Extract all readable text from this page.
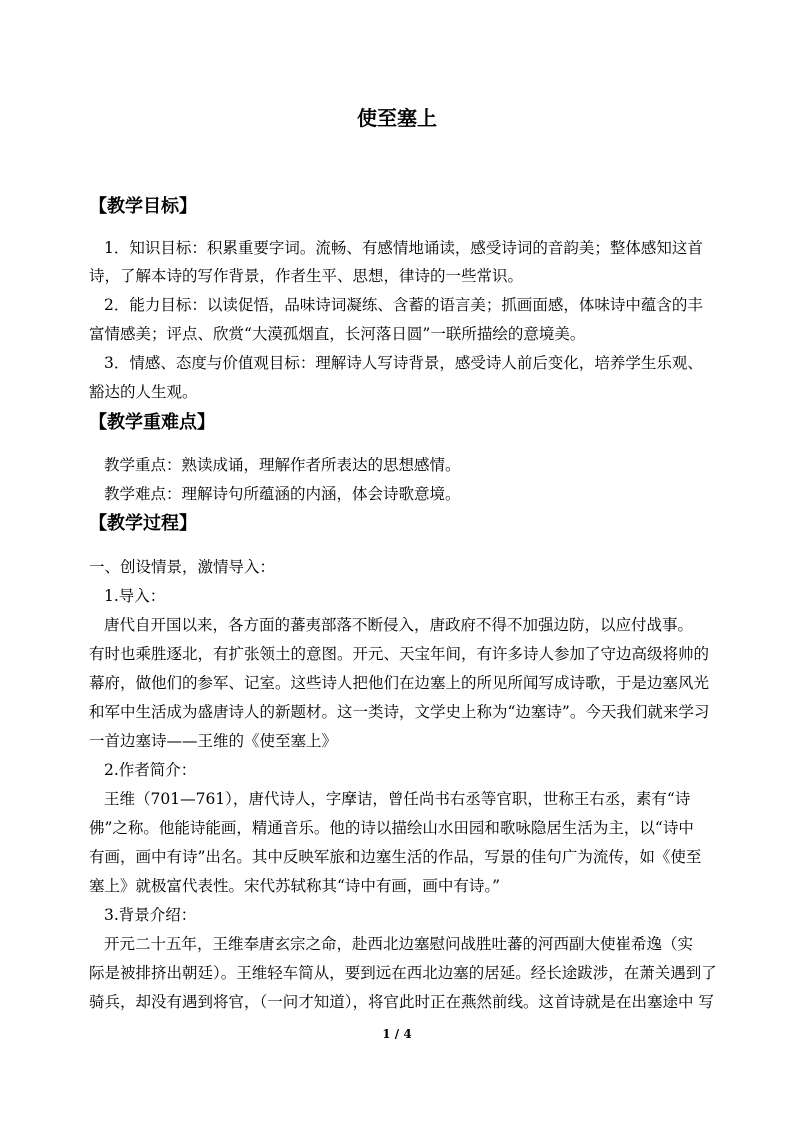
使至塞上
【教学目标】
1．知识目标：积累重要字词。流畅、有感情地诵读，感受诗词的音韵美；整体感知这首
诗，了解本诗的写作背景，作者生平、思想，律诗的一些常识。
2．能力目标：以读促悟，品味诗词凝练、含蓄的语言美；抓画面感，体味诗中蕴含的丰
富情感美；评点、欣赏“大漠孤烟直，长河落日圆”一联所描绘的意境美。
3．情感、态度与价值观目标：理解诗人写诗背景，感受诗人前后变化，培养学生乐观、
豁达的人生观。
【教学重难点】
教学重点：熟读成诵，理解作者所表达的思想感情。
教学难点：理解诗句所蕴涵的内涵，体会诗歌意境。
【教学过程】
一、创设情景，激情导入：
1.导入：
唐代自开国以来，各方面的蕃夷部落不断侵入，唐政府不得不加强边防，以应付战事。
有时也乘胜逐北，有扩张领土的意图。开元、天宝年间，有许多诗人参加了守边高级将帅的
幕府，做他们的参军、记室。这些诗人把他们在边塞上的所见所闻写成诗歌，于是边塞风光
和军中生活成为盛唐诗人的新题材。这一类诗，文学史上称为“边塞诗”。今天我们就来学习
一首边塞诗——王维的《使至塞上》
2.作者简介：
王维（701—761），唐代诗人，字摩诘，曾任尚书右丞等官职，世称王右丞，素有“诗
佛”之称。他能诗能画，精通音乐。他的诗以描绘山水田园和歌咏隐居生活为主，以“诗中
有画，画中有诗”出名。其中反映军旅和边塞生活的作品，写景的佳句广为流传，如《使至
塞上》就极富代表性。宋代苏轼称其“诗中有画，画中有诗。”
3.背景介绍：
开元二十五年，王维奉唐玄宗之命，赴西北边塞慰问战胜吐蕃的河西副大使崔希逸（实
际是被排挤出朝廷）。王维轻车简从，要到远在西北边塞的居延。经长途跋涉，在萧关遇到了
骑兵，却没有遇到将官，（一问才知道），将官此时正在燕然前线。这首诗就是在出塞途中 写
1 / 4
